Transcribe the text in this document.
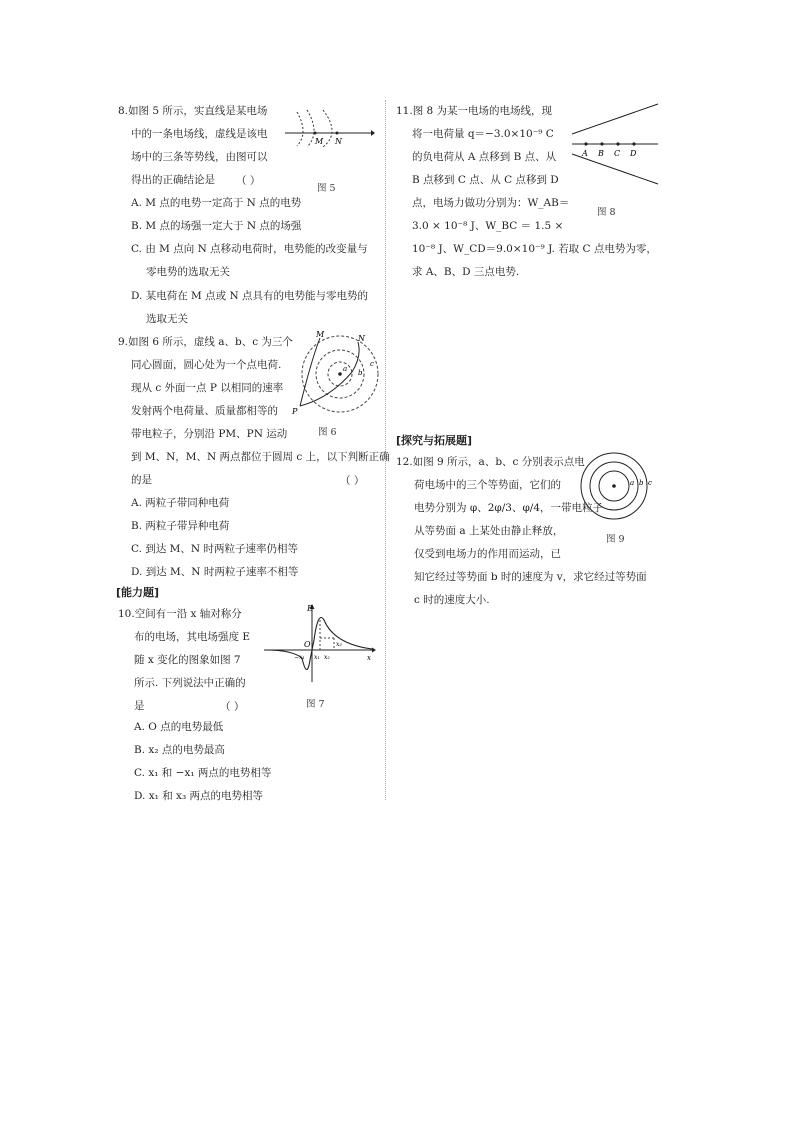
8.如图 5 所示，实直线是某电场
中的一条电场线，虚线是该电
场中的三条等势线，由图可以
得出的正确结论是 （ ）
M N
图 5
A. M 点的电势一定高于 N 点的电势
B. M 点的场强一定大于 N 点的场强
C. 由 M 点向 N 点移动电荷时，电势能的改变量与
零电势的选取无关
D. 某电荷在 M 点或 N 点具有的电势能与零电势的
选取无关
9.如图 6 所示，虚线 a、b、c 为三个
同心圆面，圆心处为一个点电荷.
现从 c 外面一点 P 以相同的速率
发射两个电荷量、质量都相等的
带电粒子，分别沿 PM、PN 运动
到 M、N，M、N 两点都位于圆周 c 上，以下判断正确
的是	（ ）
M	N
a b
c
P
图 6
A. 两粒子带同种电荷
B. 两粒子带异种电荷
C. 到达 M、N 时两粒子速率仍相等
D. 到达 M、N 时两粒子速率不相等
[能力题]
10.空间有一沿 x 轴对称分
布的电场，其电场强度 E
随 x 变化的图象如图 7
所示. 下列说法中正确的
是	（ ）
E
O
−x₁ x₁ x₂
x₃
x
图 7
A. O 点的电势最低
B. x₂ 点的电势最高
C. x₁ 和 −x₁ 两点的电势相等
D. x₁ 和 x₃ 两点的电势相等
11.图 8 为某一电场的电场线，现
将一电荷量 q＝−3.0×10⁻⁹ C
的负电荷从 A 点移到 B 点、从
B 点移到 C 点、从 C 点移到 D
点，电场力做功分别为：W_AB＝
3.0 × 10⁻⁸ J、W_BC ＝ 1.5 ×
10⁻⁸ J、W_CD＝9.0×10⁻⁹ J. 若取 C 点电势为零，
求 A、B、D 三点电势.
A B C D
图 8
[探究与拓展题]
12.如图 9 所示，a、b、c 分别表示点电
荷电场中的三个等势面，它们的
电势分别为 φ、2φ/3、φ/4，一带电粒子
从等势面 a 上某处由静止释放，
仅受到电场力的作用而运动，已
知它经过等势面 b 时的速度为 v，求它经过等势面
c 时的速度大小.
a b c
图 9
